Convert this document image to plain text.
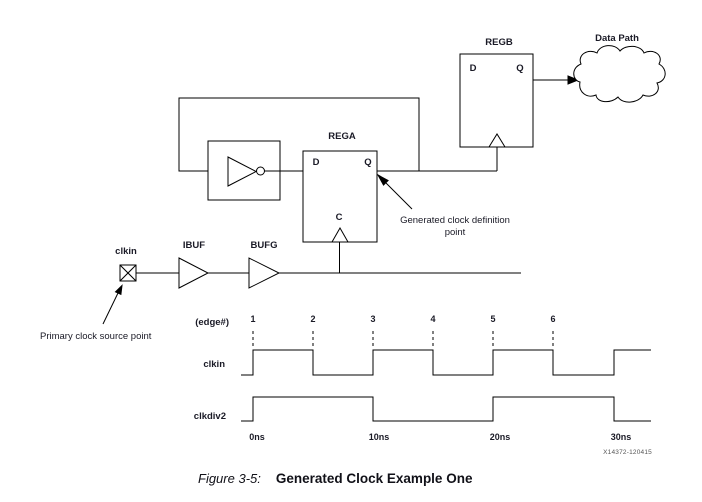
clkin
IBUF	BUFG
REGA
REGB	Data Path
D	Q
C
D	Q
Primary clock source point
Generated clock definition
point
(edge#)
clkin
clkdiv2
1	2	3	4	5	6
0ns	10ns	20ns	30ns
X14372-120415
Figure 3-5: Generated Clock Example One
